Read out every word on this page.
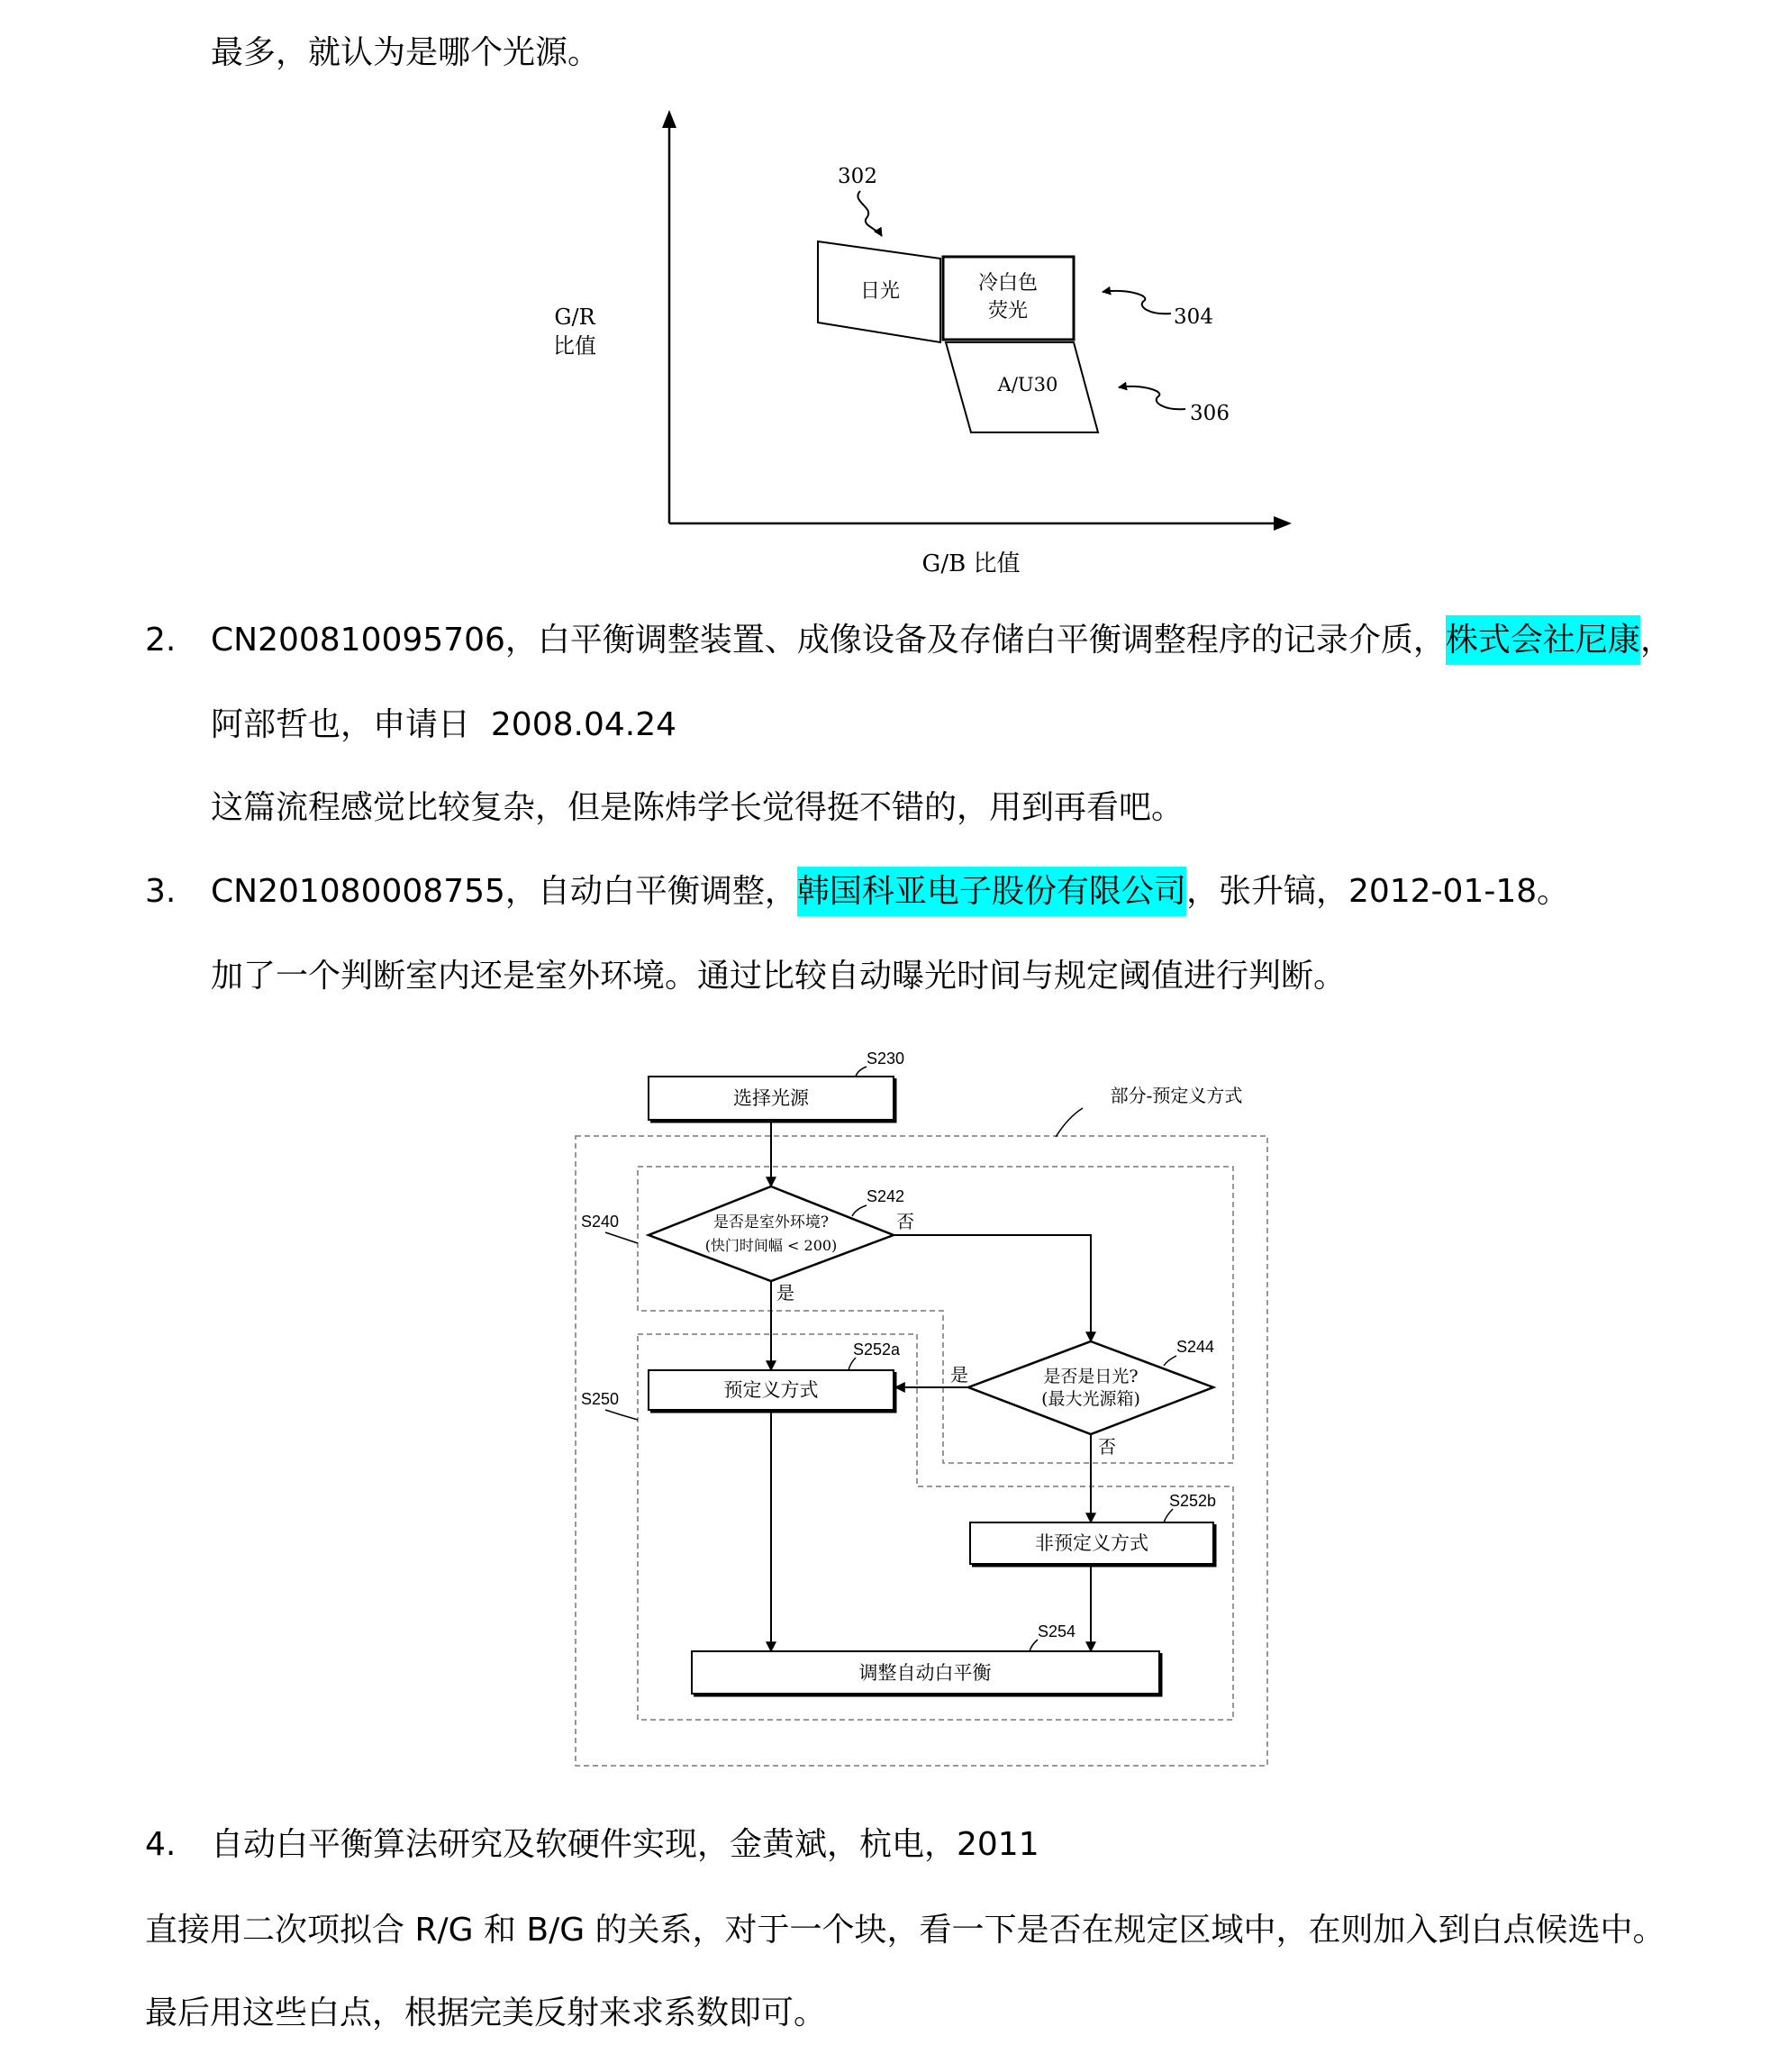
最多，就认为是哪个光源。
G/R
比值
G/B 比值
日光	冷白色
荧光
A/U30
302
304
306
2. CN200810095706，白平衡调整装置、成像设备及存储白平衡调整程序的记录介质，株式会社尼康，
阿部哲也，申请日  2008.04.24
这篇流程感觉比较复杂，但是陈炜学长觉得挺不错的，用到再看吧。
3. CN201080008755，自动白平衡调整，韩国科亚电子股份有限公司，张升镐，2012-01-18。
加了一个判断室内还是室外环境。通过比较自动曝光时间与规定阈值进行判断。
部分-预定义方式
S240
S250
S230
选择光源
是否是室外环境?
(快门时间幅 < 200)
S242
否
是
是否是日光?
(最大光源箱)
S244
是
否
S252a
预定义方式
S252b
非预定义方式
S254
调整自动白平衡
4. 自动白平衡算法研究及软硬件实现，金黄斌，杭电，2011
直接用二次项拟合 R/G 和 B/G 的关系，对于一个块，看一下是否在规定区域中，在则加入到白点候选中。
最后用这些白点，根据完美反射来求系数即可。
